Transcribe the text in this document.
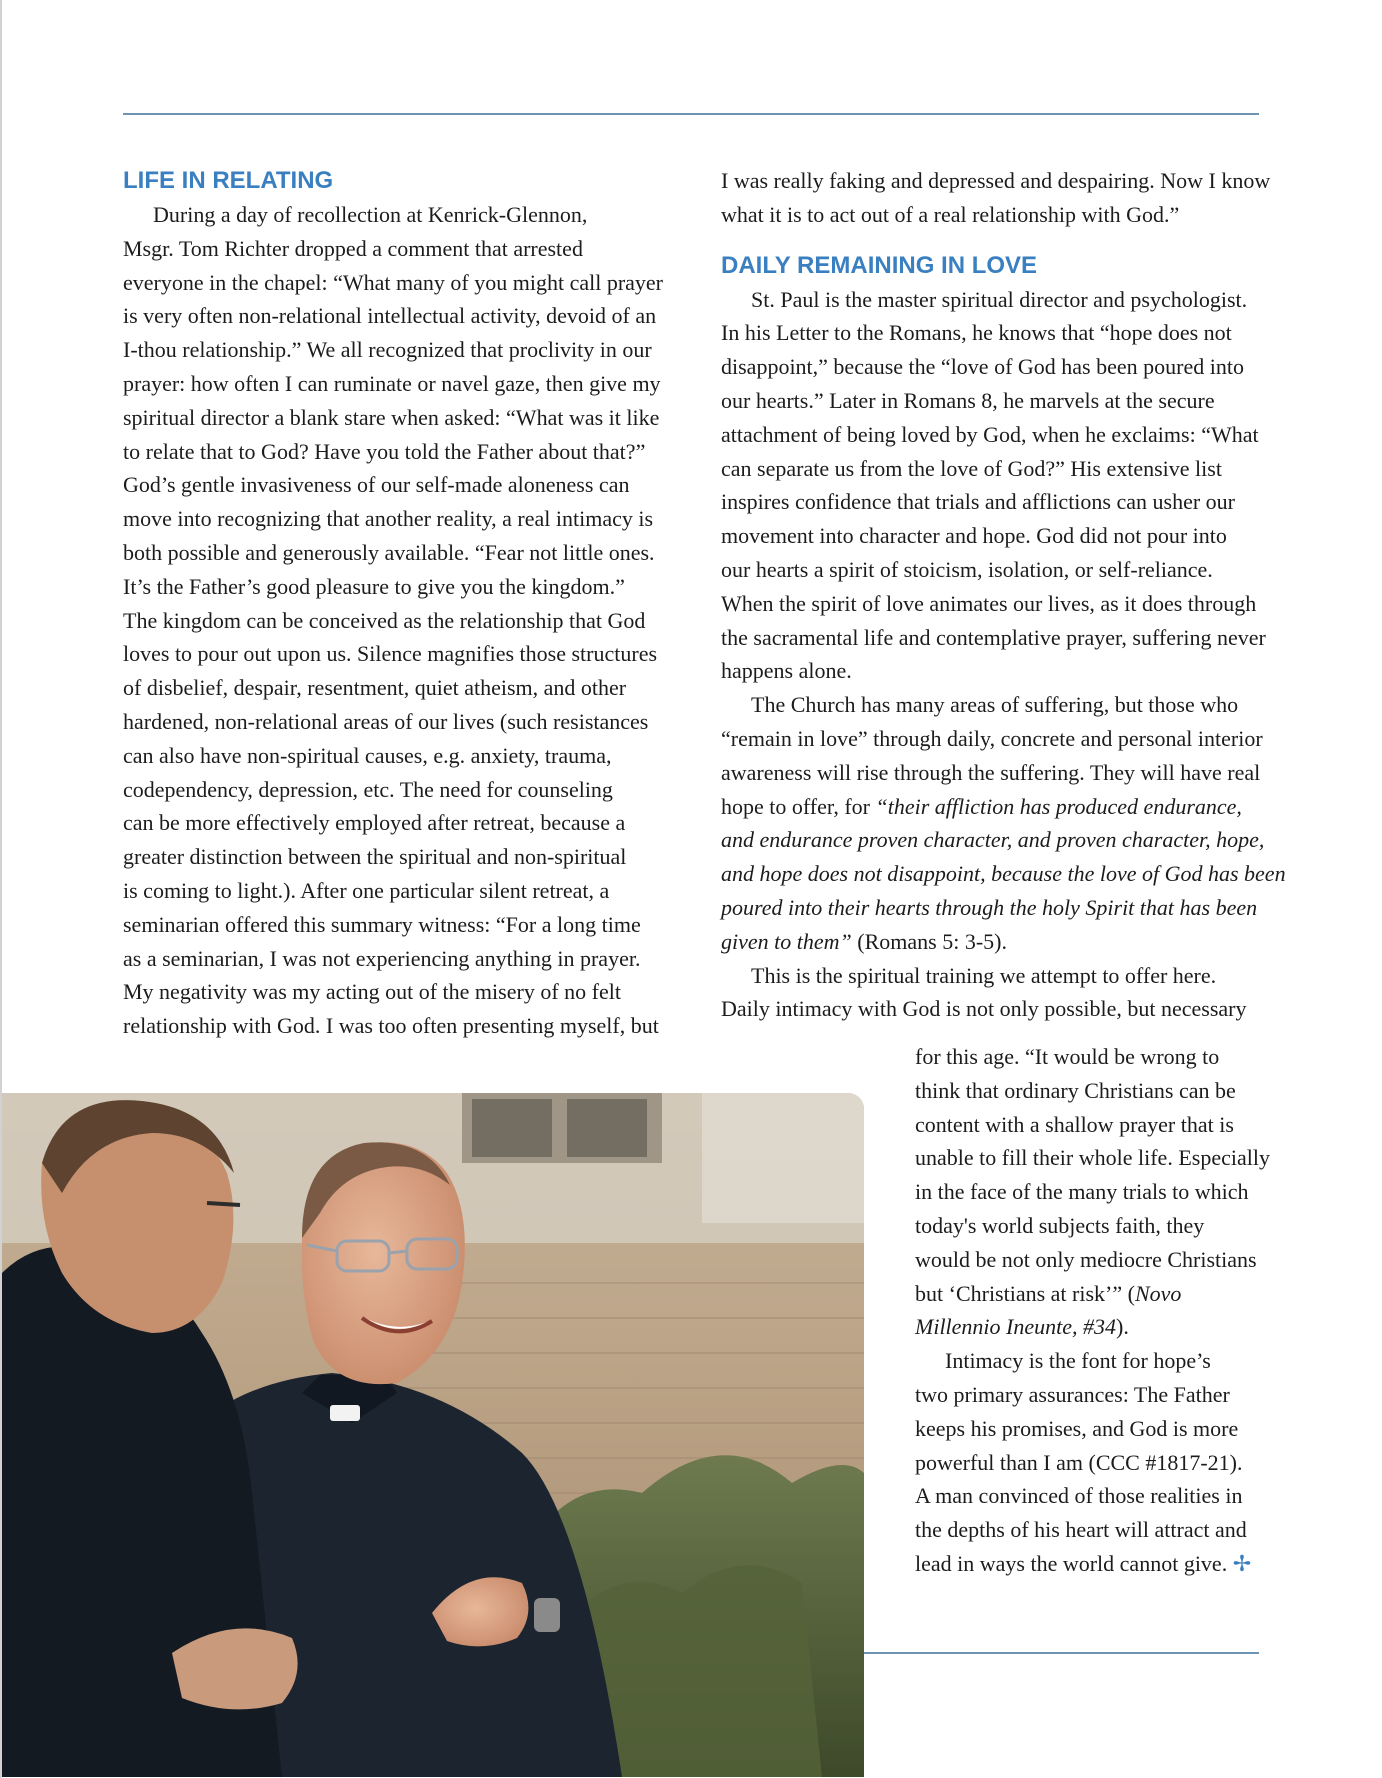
LIFE IN RELATING
During a day of recollection at Kenrick-Glennon,
Msgr. Tom Richter dropped a comment that arrested
everyone in the chapel: “What many of you might call prayer
is very often non-relational intellectual activity, devoid of an
I-thou relationship.” We all recognized that proclivity in our
prayer: how often I can ruminate or navel gaze, then give my
spiritual director a blank stare when asked: “What was it like
to relate that to God? Have you told the Father about that?”
God’s gentle invasiveness of our self-made aloneness can
move into recognizing that another reality, a real intimacy is
both possible and generously available. “Fear not little ones.
It’s the Father’s good pleasure to give you the kingdom.”
The kingdom can be conceived as the relationship that God
loves to pour out upon us. Silence magnifies those structures
of disbelief, despair, resentment, quiet atheism, and other
hardened, non-relational areas of our lives (such resistances
can also have non-spiritual causes, e.g. anxiety, trauma,
codependency, depression, etc. The need for counseling
can be more effectively employed after retreat, because a
greater distinction between the spiritual and non-spiritual
is coming to light.). After one particular silent retreat, a
seminarian offered this summary witness: “For a long time
as a seminarian, I was not experiencing anything in prayer.
My negativity was my acting out of the misery of no felt
relationship with God. I was too often presenting myself, but
I was really faking and depressed and despairing. Now I know
what it is to act out of a real relationship with God.”
DAILY REMAINING IN LOVE
St. Paul is the master spiritual director and psychologist.
In his Letter to the Romans, he knows that “hope does not
disappoint,” because the “love of God has been poured into
our hearts.” Later in Romans 8, he marvels at the secure
attachment of being loved by God, when he exclaims: “What
can separate us from the love of God?” His extensive list
inspires confidence that trials and afflictions can usher our
movement into character and hope. God did not pour into
our hearts a spirit of stoicism, isolation, or self-reliance.
When the spirit of love animates our lives, as it does through
the sacramental life and contemplative prayer, suffering never
happens alone.
The Church has many areas of suffering, but those who
“remain in love” through daily, concrete and personal interior
awareness will rise through the suffering. They will have real
hope to offer, for “their affliction has produced endurance,
and endurance proven character, and proven character, hope,
and hope does not disappoint, because the love of God has been
poured into their hearts through the holy Spirit that has been
given to them” (Romans 5: 3-5).
This is the spiritual training we attempt to offer here.
Daily intimacy with God is not only possible, but necessary
for this age. “It would be wrong to
think that ordinary Christians can be
content with a shallow prayer that is
unable to fill their whole life. Especially
in the face of the many trials to which
today's world subjects faith, they
would be not only mediocre Christians
but ‘Christians at risk’” (Novo
Millennio Ineunte, #34).
Intimacy is the font for hope’s
two primary assurances: The Father
keeps his promises, and God is more
powerful than I am (CCC #1817-21).
A man convinced of those realities in
the depths of his heart will attract and
lead in ways the world cannot give. ✢
